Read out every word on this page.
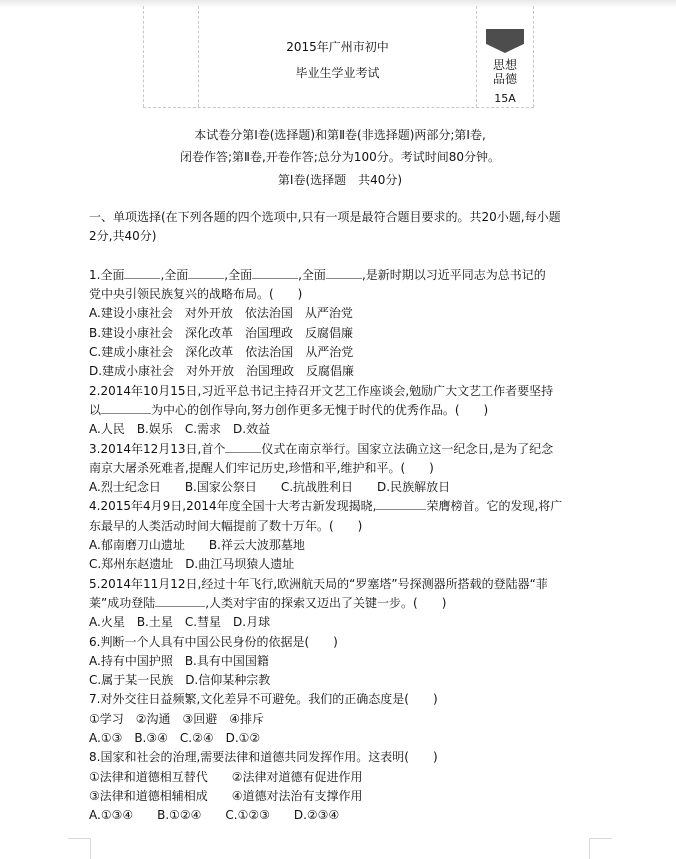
2015年广州市初中
毕业生学业考试
思想
品德
15A
本试卷分第Ⅰ卷(选择题)和第Ⅱ卷(非选择题)两部分;第Ⅰ卷,
闭卷作答;第Ⅱ卷,开卷作答;总分为100分。考试时间80分钟。
第Ⅰ卷(选择题　共40分)
一、单项选择(在下列各题的四个选项中,只有一项是最符合题目要求的。共20小题,每小题
2分,共40分)
1.全面	,全面	,全面	,全面	,是新时期以习近平同志为总书记的
党中央引领民族复兴的战略布局。(　　)
A.建设小康社会　对外开放　依法治国　从严治党
B.建设小康社会　深化改革　治国理政　反腐倡廉
C.建成小康社会　深化改革　依法治国　从严治党
D.建成小康社会　对外开放　治国理政　反腐倡廉
2.2014年10月15日,习近平总书记主持召开文艺工作座谈会,勉励广大文艺工作者要坚持
以	为中心的创作导向,努力创作更多无愧于时代的优秀作品。(　　)
A.人民　B.娱乐　C.需求　D.效益
3.2014年12月13日,首个	仪式在南京举行。国家立法确立这一纪念日,是为了纪念
南京大屠杀死难者,提醒人们牢记历史,珍惜和平,维护和平。(　　)
A.烈士纪念日　　B.国家公祭日　　C.抗战胜利日　　D.民族解放日
4.2015年4月9日,2014年度全国十大考古新发现揭晓,	荣膺榜首。它的发现,将广
东最早的人类活动时间大幅提前了数十万年。(　　)
A.郁南磨刀山遗址　　B.祥云大波那墓地
C.郑州东赵遗址　D.曲江马坝猿人遗址
5.2014年11月12日,经过十年飞行,欧洲航天局的“罗塞塔”号探测器所搭载的登陆器“菲
莱”成功登陆	,人类对宇宙的探索又迈出了关键一步。(　　)
A.火星　B.土星　C.彗星　D.月球
6.判断一个人具有中国公民身份的依据是(　　)
A.持有中国护照　B.具有中国国籍
C.属于某一民族　D.信仰某种宗教
7.对外交往日益频繁,文化差异不可避免。我们的正确态度是(　　)
①学习　②沟通　③回避　④排斥
A.①③　B.③④　C.②④　D.①②
8.国家和社会的治理,需要法律和道德共同发挥作用。这表明(　　)
①法律和道德相互替代　　②法律对道德有促进作用
③法律和道德相辅相成　　④道德对法治有支撑作用
A.①③④　　B.①②④　　C.①②③　　D.②③④
